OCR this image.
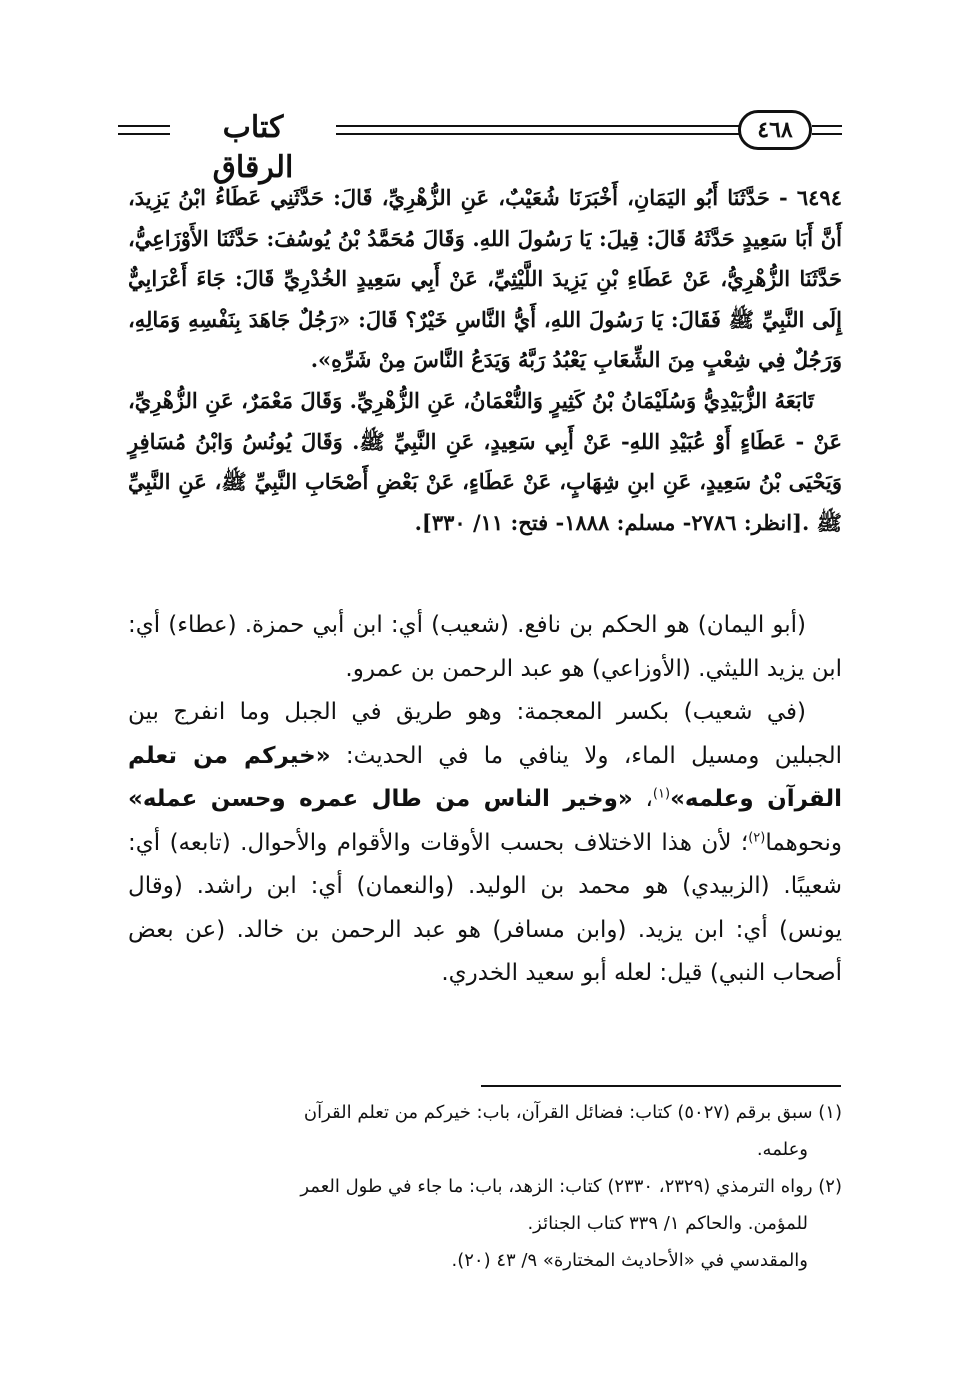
كتاب الرقاق
٤٦٨

٦٤٩٤ - حَدَّثَنَا أَبُو اليَمَانِ، أَخْبَرَنَا شُعَيْبٌ، عَنِ الزُّهْرِيِّ، قَالَ: حَدَّثَنِي عَطَاءُ ابْنُ يَزِيدَ، أَنَّ أَبَا سَعِيدٍ حَدَّثَهُ قَالَ: قِيلَ: يَا رَسُولَ اللهِ. وَقَالَ مُحَمَّدُ بْنُ يُوسُفَ: حَدَّثَنَا الأَوْزَاعِيُّ، حَدَّثَنَا الزُّهْرِيُّ، عَنْ عَطَاءِ بْنِ يَزِيدَ اللَّيْثِيِّ، عَنْ أَبِي سَعِيدٍ الخُدْرِيِّ قَالَ: جَاءَ أَعْرَابِيٌّ إِلَى النَّبِيِّ ﷺ فَقَالَ: يَا رَسُولَ اللهِ، أَيُّ النَّاسِ خَيْرٌ؟ قَالَ: «رَجُلٌ جَاهَدَ بِنَفْسِهِ وَمَالِهِ، وَرَجُلٌ فِي شِعْبٍ مِنَ الشِّعَابِ يَعْبُدُ رَبَّهُ وَيَدَعُ النَّاسَ مِنْ شَرِّهِ».

تَابَعَهُ الزُّبَيْدِيُّ وَسُلَيْمَانُ بْنُ كَثِيرٍ وَالنُّعْمَانُ، عَنِ الزُّهْرِيِّ. وَقَالَ مَعْمَرٌ، عَنِ الزُّهْرِيِّ، عَنْ - عَطَاءٍ أَوْ عُبَيْدِ اللهِ- عَنْ أَبِي سَعِيدٍ، عَنِ النَّبِيِّ ﷺ. وَقَالَ يُونُسُ وَابْنُ مُسَافِرٍ وَيَحْيَى بْنُ سَعِيدٍ، عَنِ ابنِ شِهَابٍ، عَنْ عَطَاءٍ، عَنْ بَعْضِ أَصْحَابِ النَّبِيِّ ﷺ، عَنِ النَّبِيِّ ﷺ .[انظر: ٢٧٨٦- مسلم: ١٨٨٨- فتح: ١١/ ٣٣٠].

(أبو اليمان) هو الحكم بن نافع. (شعيب) أي: ابن أبي حمزة. (عطاء) أي: ابن يزيد الليثي. (الأوزاعي) هو عبد الرحمن بن عمرو.

(في شعيب) بكسر المعجمة: وهو طريق في الجبل وما انفرج بين الجبلين ومسيل الماء، ولا ينافي ما في الحديث: «خيركم من تعلم القرآن وعلمه»$^{(١)}$، «وخير الناس من طال عمره وحسن عمله» ونحوهما$^{(٢)}$؛ لأن هذا الاختلاف بحسب الأوقات والأقوام والأحوال. (تابعه) أي: شعيبًا. (الزبيدي) هو محمد بن الوليد. (والنعمان) أي: ابن راشد. (وقال يونس) أي: ابن يزيد. (وابن مسافر) هو عبد الرحمن بن خالد. (عن بعض أصحاب النبي) قيل: لعله أبو سعيد الخدري.

(١) سبق برقم (٥٠٢٧) كتاب: فضائل القرآن، باب: خيركم من تعلم القرآن

وعلمه.

(٢) رواه الترمذي (٢٣٢٩، ٢٣٣٠) كتاب: الزهد، باب: ما جاء في طول العمر

للمؤمن. والحاكم ١/ ٣٣٩ كتاب الجنائز.

والمقدسي في «الأحاديث المختارة» ٩/ ٤٣ (٢٠).
